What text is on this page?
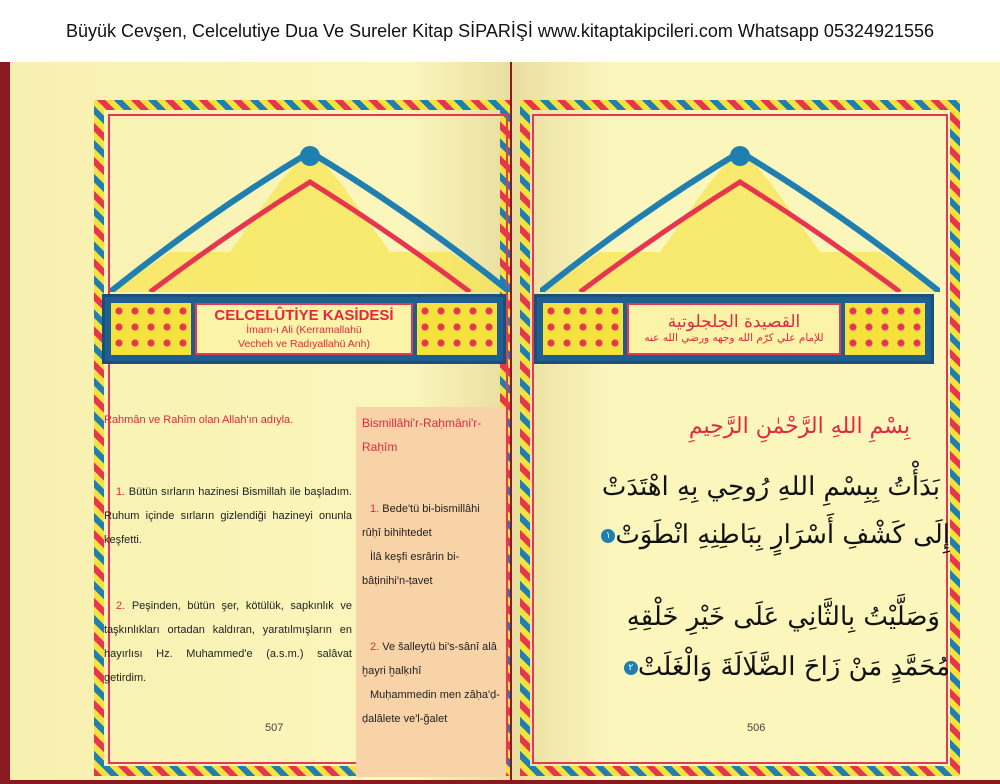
Büyük Cevşen, Celcelutiye Dua Ve Sureler Kitap SİPARİŞİ www.kitaptakipcileri.com Whatsapp 05324921556
CELCELÛTİYE KASİDESİ
İmam-ı Ali (Kerramallahü
Vecheh ve Radıyallahü Anh)
Rahmân ve Rahîm olan Allah'ın adıyla.

1. Bütün sırların hazinesi Bismillah ile başladım. Ruhum içinde sırların gizlendiği hazineyi onunla keşfetti.

2. Peşinden, bütün şer, kötülük, sapkınlık ve taşkınlıkları ortadan kaldıran, yaratılmışların en hayırlısı Hz. Muhammed'e (a.s.m.) salâvat getirdim.

Bismillâhi'r-Raḥmâni'r-Raḥîm

1. Bede'tü bi-bismillâhi rûḥî bihihtedet

İlâ keşfi esrârin bi-bâṭinihi'n-ṭavet

2. Ve šalleytü bi's-sânî alâ ḫayri ḫalḳıhî

Muḥammedin men zâḥa'ḍ-ḍalâlete ve'l-ğalet

507
القصيدة الجلجلوتية
للإمام علي كرّم الله وجهه ورضي الله عنه
بِسْمِ اللهِ الرَّحْمٰنِ الرَّحِيمِ
بَدَأْتُ بِبِسْمِ اللهِ رُوحِي بِهِ اهْتَدَتْ
إِلَى كَشْفِ أَسْرَارٍ بِبَاطِنِهِ انْطَوَتْ١
وَصَلَّيْتُ بِالثَّانِي عَلَى خَيْرِ خَلْقِهِ
مُحَمَّدٍ مَنْ زَاحَ الضَّلَالَةَ وَالْغَلَتْ٢
506
